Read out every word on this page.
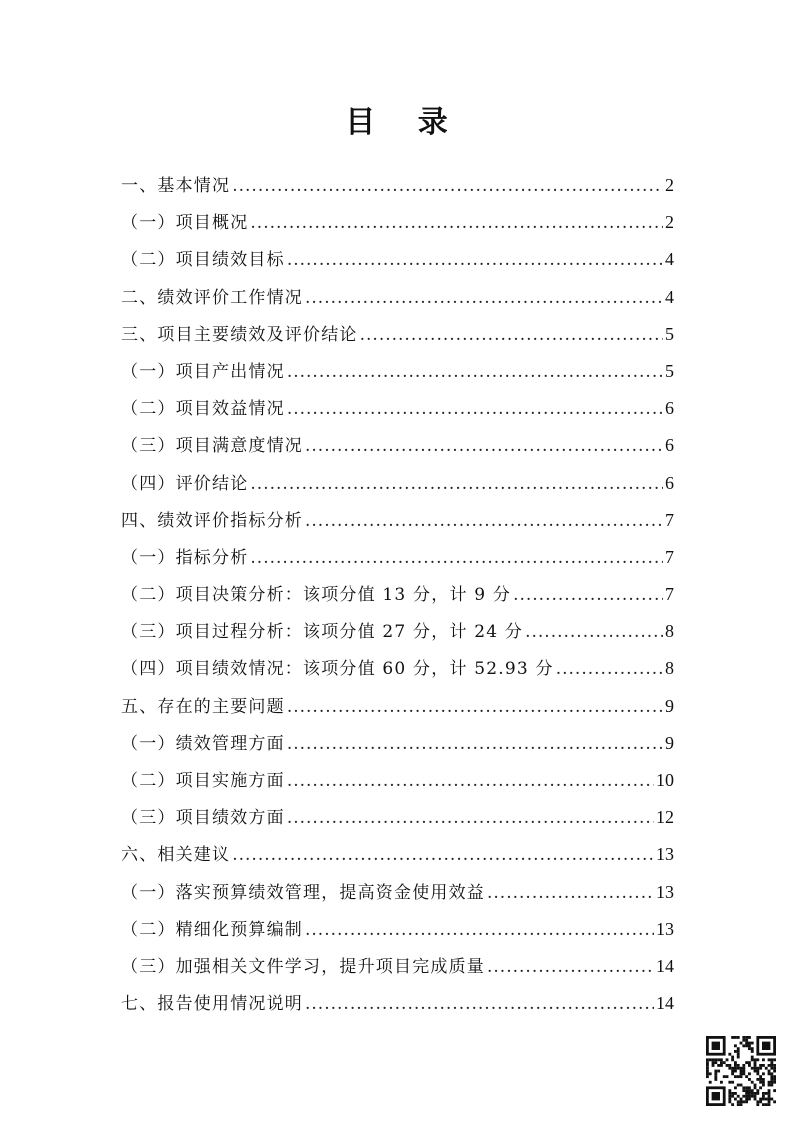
目 录
一、基本情况 .....	2
（一）项目概况 .....	2
（二）项目绩效目标 .....	4
二、绩效评价工作情况 .....	4
三、项目主要绩效及评价结论 .....	5
（一）项目产出情况 .....	5
（二）项目效益情况 .....	6
（三）项目满意度情况 .....	6
（四）评价结论 .....	6
四、绩效评价指标分析 .....	7
（一）指标分析 .....	7
（二）项目决策分析：该项分值 13 分，计 9 分 .....	7
（三）项目过程分析：该项分值 27 分，计 24 分 .....	8
（四）项目绩效情况：该项分值 60 分，计 52.93 分 .....	8
五、存在的主要问题 .....	9
（一）绩效管理方面 .....	9
（二）项目实施方面 .....	10
（三）项目绩效方面 .....	12
六、相关建议 .....	13
（一）落实预算绩效管理，提高资金使用效益 .....	13
（二）精细化预算编制 .....	13
（三）加强相关文件学习，提升项目完成质量 .....	14
七、报告使用情况说明 .....	14
